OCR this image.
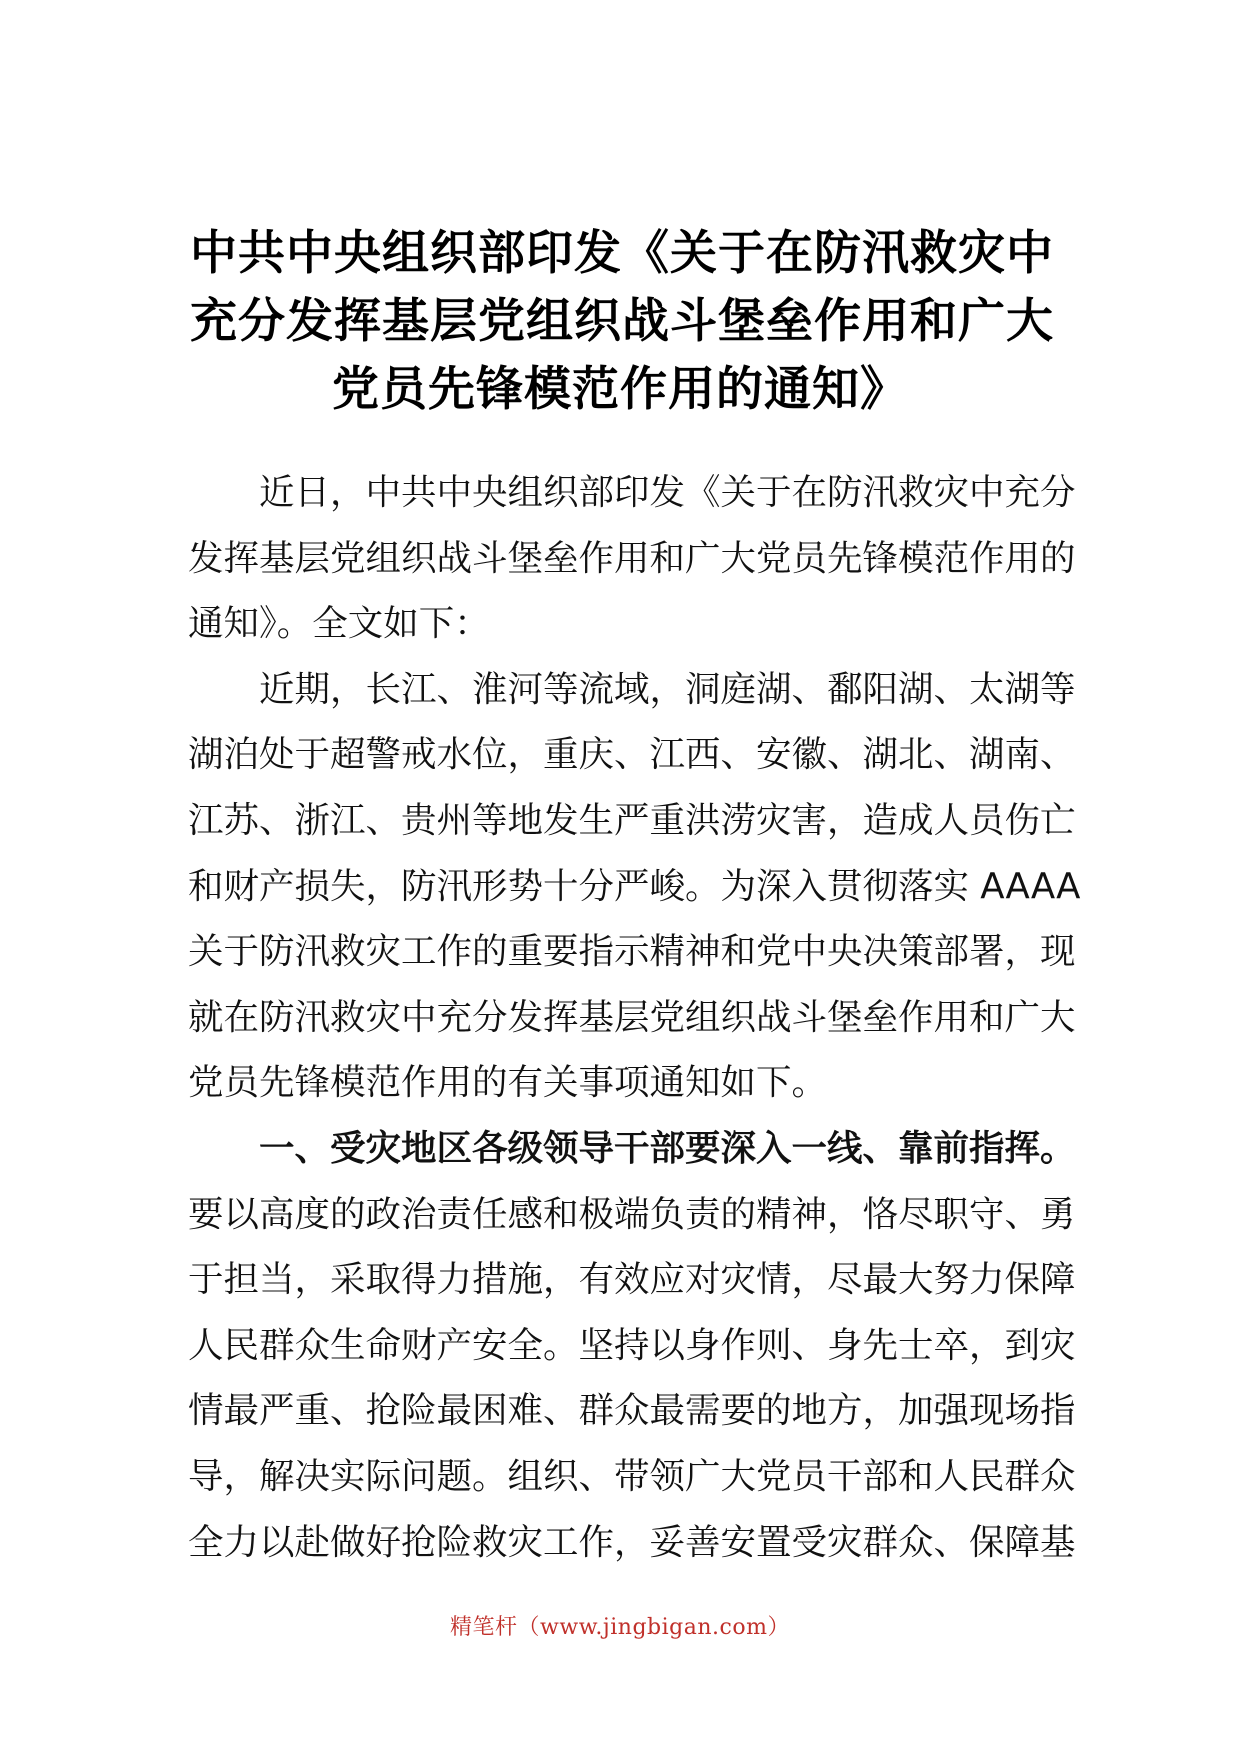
中共中央组织部印发《关于在防汛救灾中
充分发挥基层党组织战斗堡垒作用和广大
党员先锋模范作用的通知》
近日，中共中央组织部印发《关于在防汛救灾中充分
发挥基层党组织战斗堡垒作用和广大党员先锋模范作用的
通知》。全文如下：
近期，长江、淮河等流域，洞庭湖、鄱阳湖、太湖等
湖泊处于超警戒水位，重庆、江西、安徽、湖北、湖南、
江苏、浙江、贵州等地发生严重洪涝灾害，造成人员伤亡
和财产损失，防汛形势十分严峻。为深入贯彻落实 AAAA
关于防汛救灾工作的重要指示精神和党中央决策部署，现
就在防汛救灾中充分发挥基层党组织战斗堡垒作用和广大
党员先锋模范作用的有关事项通知如下。
一、受灾地区各级领导干部要深入一线、靠前指挥。
要以高度的政治责任感和极端负责的精神，恪尽职守、勇
于担当，采取得力措施，有效应对灾情，尽最大努力保障
人民群众生命财产安全。坚持以身作则、身先士卒，到灾
情最严重、抢险最困难、群众最需要的地方，加强现场指
导，解决实际问题。组织、带领广大党员干部和人民群众
全力以赴做好抢险救灾工作，妥善安置受灾群众、保障基
精笔杆（www.jingbigan.com）
